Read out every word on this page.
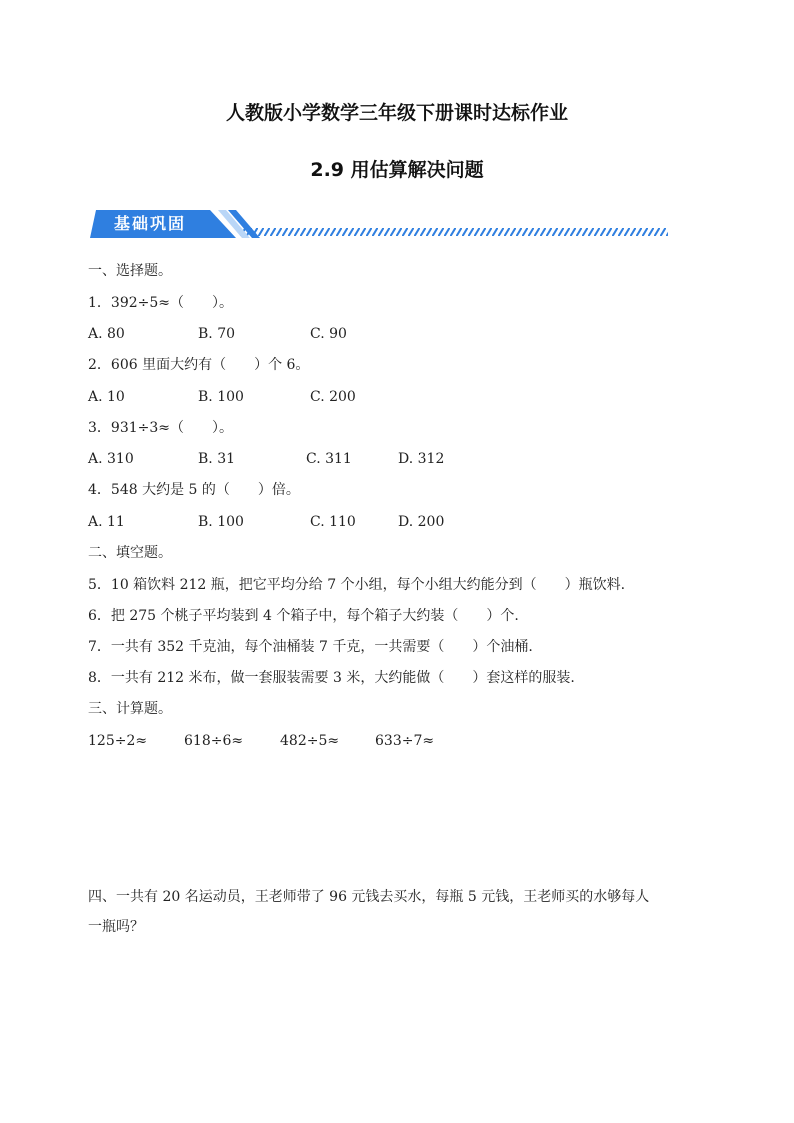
人教版小学数学三年级下册课时达标作业
2.9 用估算解决问题
基础巩固
一、选择题。
1．392÷5≈（　　）。
A. 80	B. 70	C. 90
2．606 里面大约有（　　）个 6。
A. 10	B. 100	C. 200
3．931÷3≈（　　）。
A. 310	B. 31	C. 311	D. 312
4．548 大约是 5 的（　　）倍。
A. 11	B. 100	C. 110	D. 200
二、填空题。
5．10 箱饮料 212 瓶，把它平均分给 7 个小组，每个小组大约能分到（　　）瓶饮料.
6．把 275 个桃子平均装到 4 个箱子中，每个箱子大约装（　　）个.
7．一共有 352 千克油，每个油桶装 7 千克，一共需要（　　）个油桶.
8．一共有 212 米布，做一套服装需要 3 米，大约能做（　　）套这样的服装.
三、计算题。
125÷2≈	618÷6≈	482÷5≈	633÷7≈
四、一共有 20 名运动员，王老师带了 96 元钱去买水，每瓶 5 元钱，王老师买的水够每人
一瓶吗？
